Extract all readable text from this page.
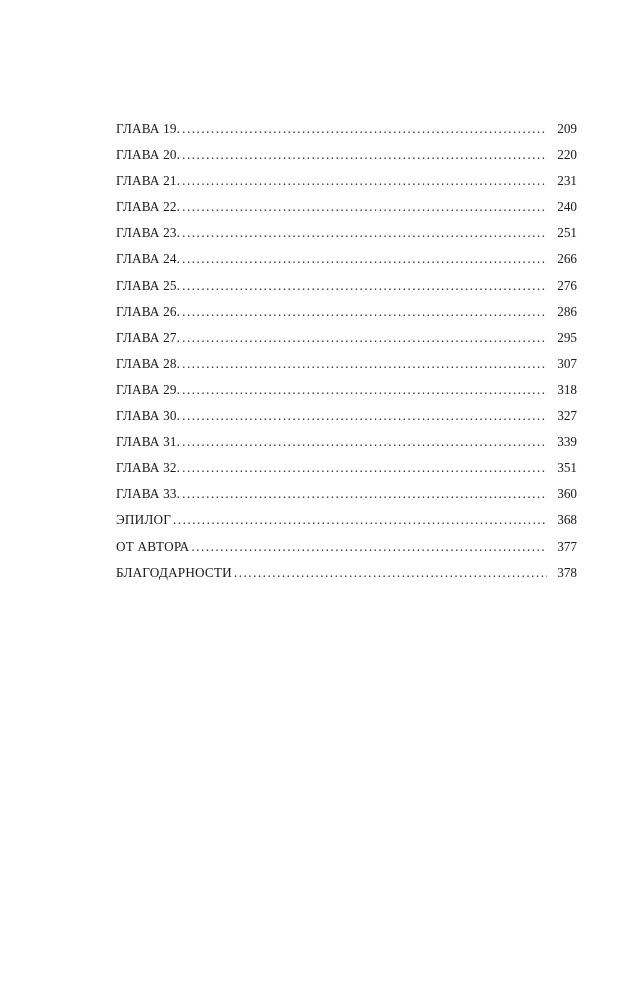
ГЛАВА 19. . . .	209
ГЛАВА 20. . . .	220
ГЛАВА 21. . . .	231
ГЛАВА 22. . . .	240
ГЛАВА 23. . . .	251
ГЛАВА 24. . . .	266
ГЛАВА 25. . . .	276
ГЛАВА 26. . . .	286
ГЛАВА 27. . . .	295
ГЛАВА 28. . . .	307
ГЛАВА 29. . . .	318
ГЛАВА 30. . . .	327
ГЛАВА 31. . . .	339
ГЛАВА 32. . . .	351
ГЛАВА 33. . . .	360
ЭПИЛОГ . . .	368
ОТ АВТОРА . . .	377
БЛАГОДАРНОСТИ . . .	378
